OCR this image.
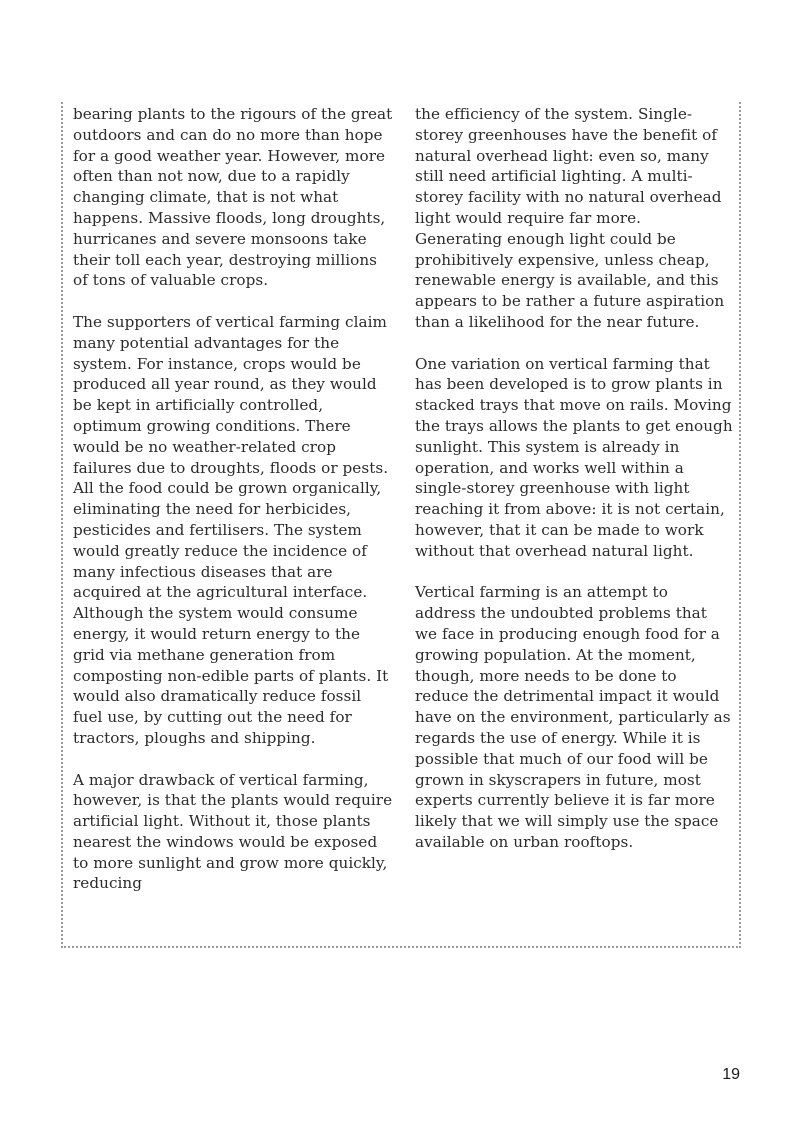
bearing plants to the rigours of the great outdoors and can do no more than hope for a good weather year. However, more often than not now, due to a rapidly changing climate, that is not what happens. Massive floods, long droughts, hurricanes and severe monsoons take their toll each year, destroying millions of tons of valuable crops.

The supporters of vertical farming claim many potential advantages for the system. For instance, crops would be produced all year round, as they would be kept in artificially controlled, optimum growing conditions. There would be no weather-related crop failures due to droughts, floods or pests. All the food could be grown organically, eliminating the need for herbicides, pesticides and fertilisers. The system would greatly reduce the incidence of many infectious diseases that are acquired at the agricultural interface. Although the system would consume energy, it would return energy to the grid via methane generation from composting non-edible parts of plants. It would also dramatically reduce fossil fuel use, by cutting out the need for tractors, ploughs and shipping.

A major drawback of vertical farming, however, is that the plants would require artificial light. Without it, those plants nearest the windows would be exposed to more sunlight and grow more quickly, reducing

the efficiency of the system. Single-storey greenhouses have the benefit of natural overhead light: even so, many still need artificial lighting. A multi-storey facility with no natural overhead light would require far more. Generating enough light could be prohibitively expensive, unless cheap, renewable energy is available, and this appears to be rather a future aspiration than a likelihood for the near future.

One variation on vertical farming that has been developed is to grow plants in stacked trays that move on rails. Moving the trays allows the plants to get enough sunlight. This system is already in operation, and works well within a single-storey greenhouse with light reaching it from above: it is not certain, however, that it can be made to work without that overhead natural light.

Vertical farming is an attempt to address the undoubted problems that we face in producing enough food for a growing population. At the moment, though, more needs to be done to reduce the detrimental impact it would have on the environment, particularly as regards the use of energy. While it is possible that much of our food will be grown in skyscrapers in future, most experts currently believe it is far more likely that we will simply use the space available on urban rooftops.

19
